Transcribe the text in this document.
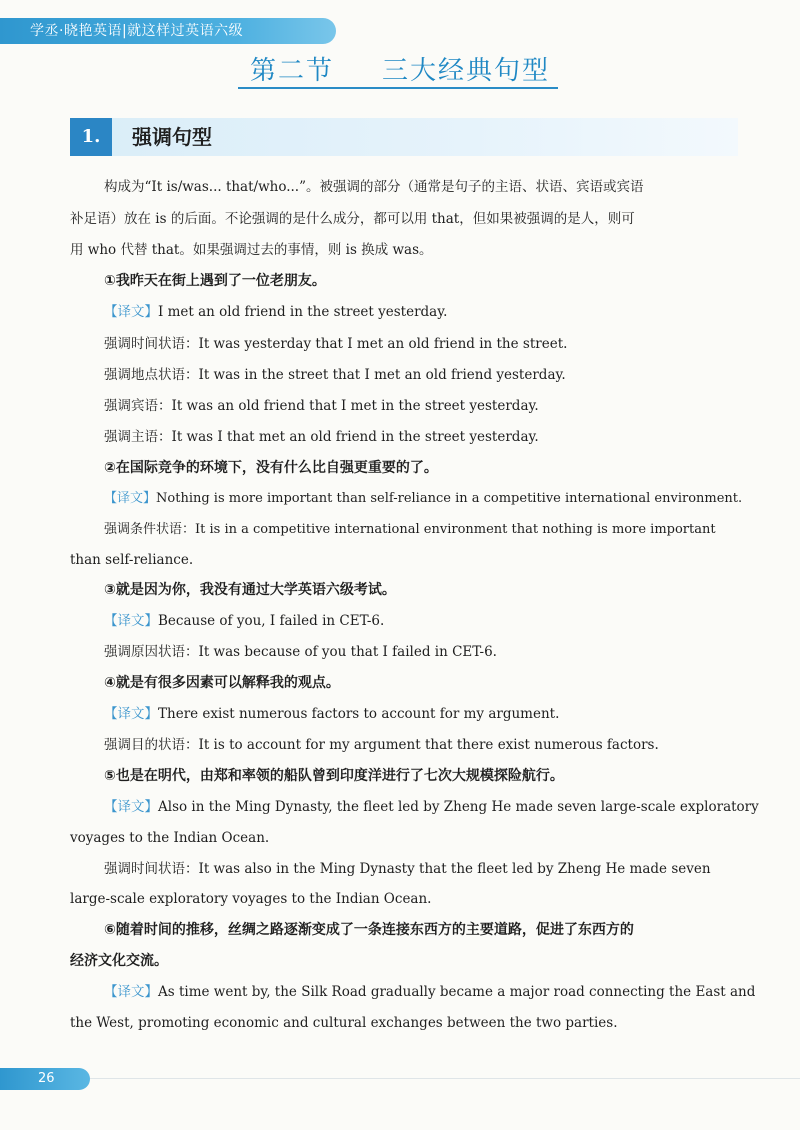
学丞·晓艳英语|就这样过英语六级
第二节 三大经典句型
1.	强调句型
构成为“It is/was... that/who...”。被强调的部分（通常是句子的主语、状语、宾语或宾语
补足语）放在 is 的后面。不论强调的是什么成分，都可以用 that，但如果被强调的是人，则可
用 who 代替 that。如果强调过去的事情，则 is 换成 was。
①我昨天在街上遇到了一位老朋友。
【译文】I met an old friend in the street yesterday.
强调时间状语：It was yesterday that I met an old friend in the street.
强调地点状语：It was in the street that I met an old friend yesterday.
强调宾语：It was an old friend that I met in the street yesterday.
强调主语：It was I that met an old friend in the street yesterday.
②在国际竞争的环境下，没有什么比自强更重要的了。
【译文】Nothing is more important than self-reliance in a competitive international environment.
强调条件状语：It is in a competitive international environment that nothing is more important
than self-reliance.
③就是因为你，我没有通过大学英语六级考试。
【译文】Because of you, I failed in CET-6.
强调原因状语：It was because of you that I failed in CET-6.
④就是有很多因素可以解释我的观点。
【译文】There exist numerous factors to account for my argument.
强调目的状语：It is to account for my argument that there exist numerous factors.
⑤也是在明代，由郑和率领的船队曾到印度洋进行了七次大规模探险航行。
【译文】Also in the Ming Dynasty, the fleet led by Zheng He made seven large-scale exploratory
voyages to the Indian Ocean.
强调时间状语：It was also in the Ming Dynasty that the fleet led by Zheng He made seven
large-scale exploratory voyages to the Indian Ocean.
⑥随着时间的推移，丝绸之路逐渐变成了一条连接东西方的主要道路，促进了东西方的
经济文化交流。
【译文】As time went by, the Silk Road gradually became a major road connecting the East and
the West, promoting economic and cultural exchanges between the two parties.
26
